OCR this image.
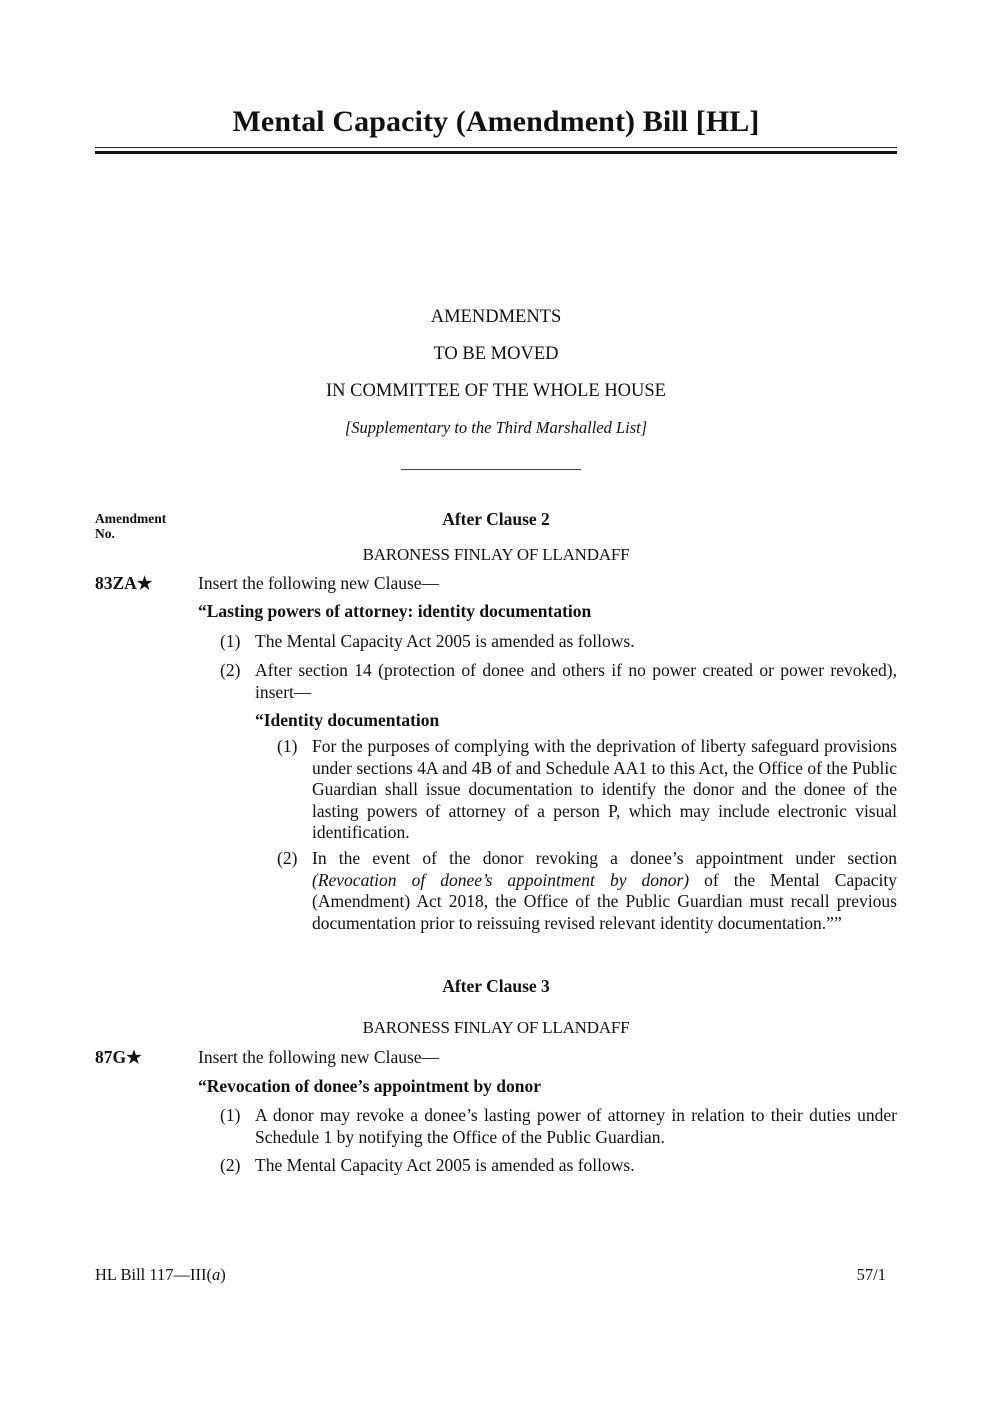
Mental Capacity (Amendment) Bill [HL]
AMENDMENTS
TO BE MOVED
IN COMMITTEE OF THE WHOLE HOUSE
[Supplementary to the Third Marshalled List]
Amendment No.
After Clause 2
BARONESS FINLAY OF LLANDAFF
83ZA★	Insert the following new Clause—
“Lasting powers of attorney: identity documentation
(1) The Mental Capacity Act 2005 is amended as follows.
(2) After section 14 (protection of donee and others if no power created or power revoked), insert—
“Identity documentation
(1) For the purposes of complying with the deprivation of liberty safeguard provisions under sections 4A and 4B of and Schedule AA1 to this Act, the Office of the Public Guardian shall issue documentation to identify the donor and the donee of the lasting powers of attorney of a person P, which may include electronic visual identification.
(2) In the event of the donor revoking a donee’s appointment under section (Revocation of donee’s appointment by donor) of the Mental Capacity (Amendment) Act 2018, the Office of the Public Guardian must recall previous documentation prior to reissuing revised relevant identity documentation.””
After Clause 3
BARONESS FINLAY OF LLANDAFF
87G★	Insert the following new Clause—
“Revocation of donee’s appointment by donor
(1) A donor may revoke a donee’s lasting power of attorney in relation to their duties under Schedule 1 by notifying the Office of the Public Guardian.
(2) The Mental Capacity Act 2005 is amended as follows.
HL Bill 117—III(a)	57/1
